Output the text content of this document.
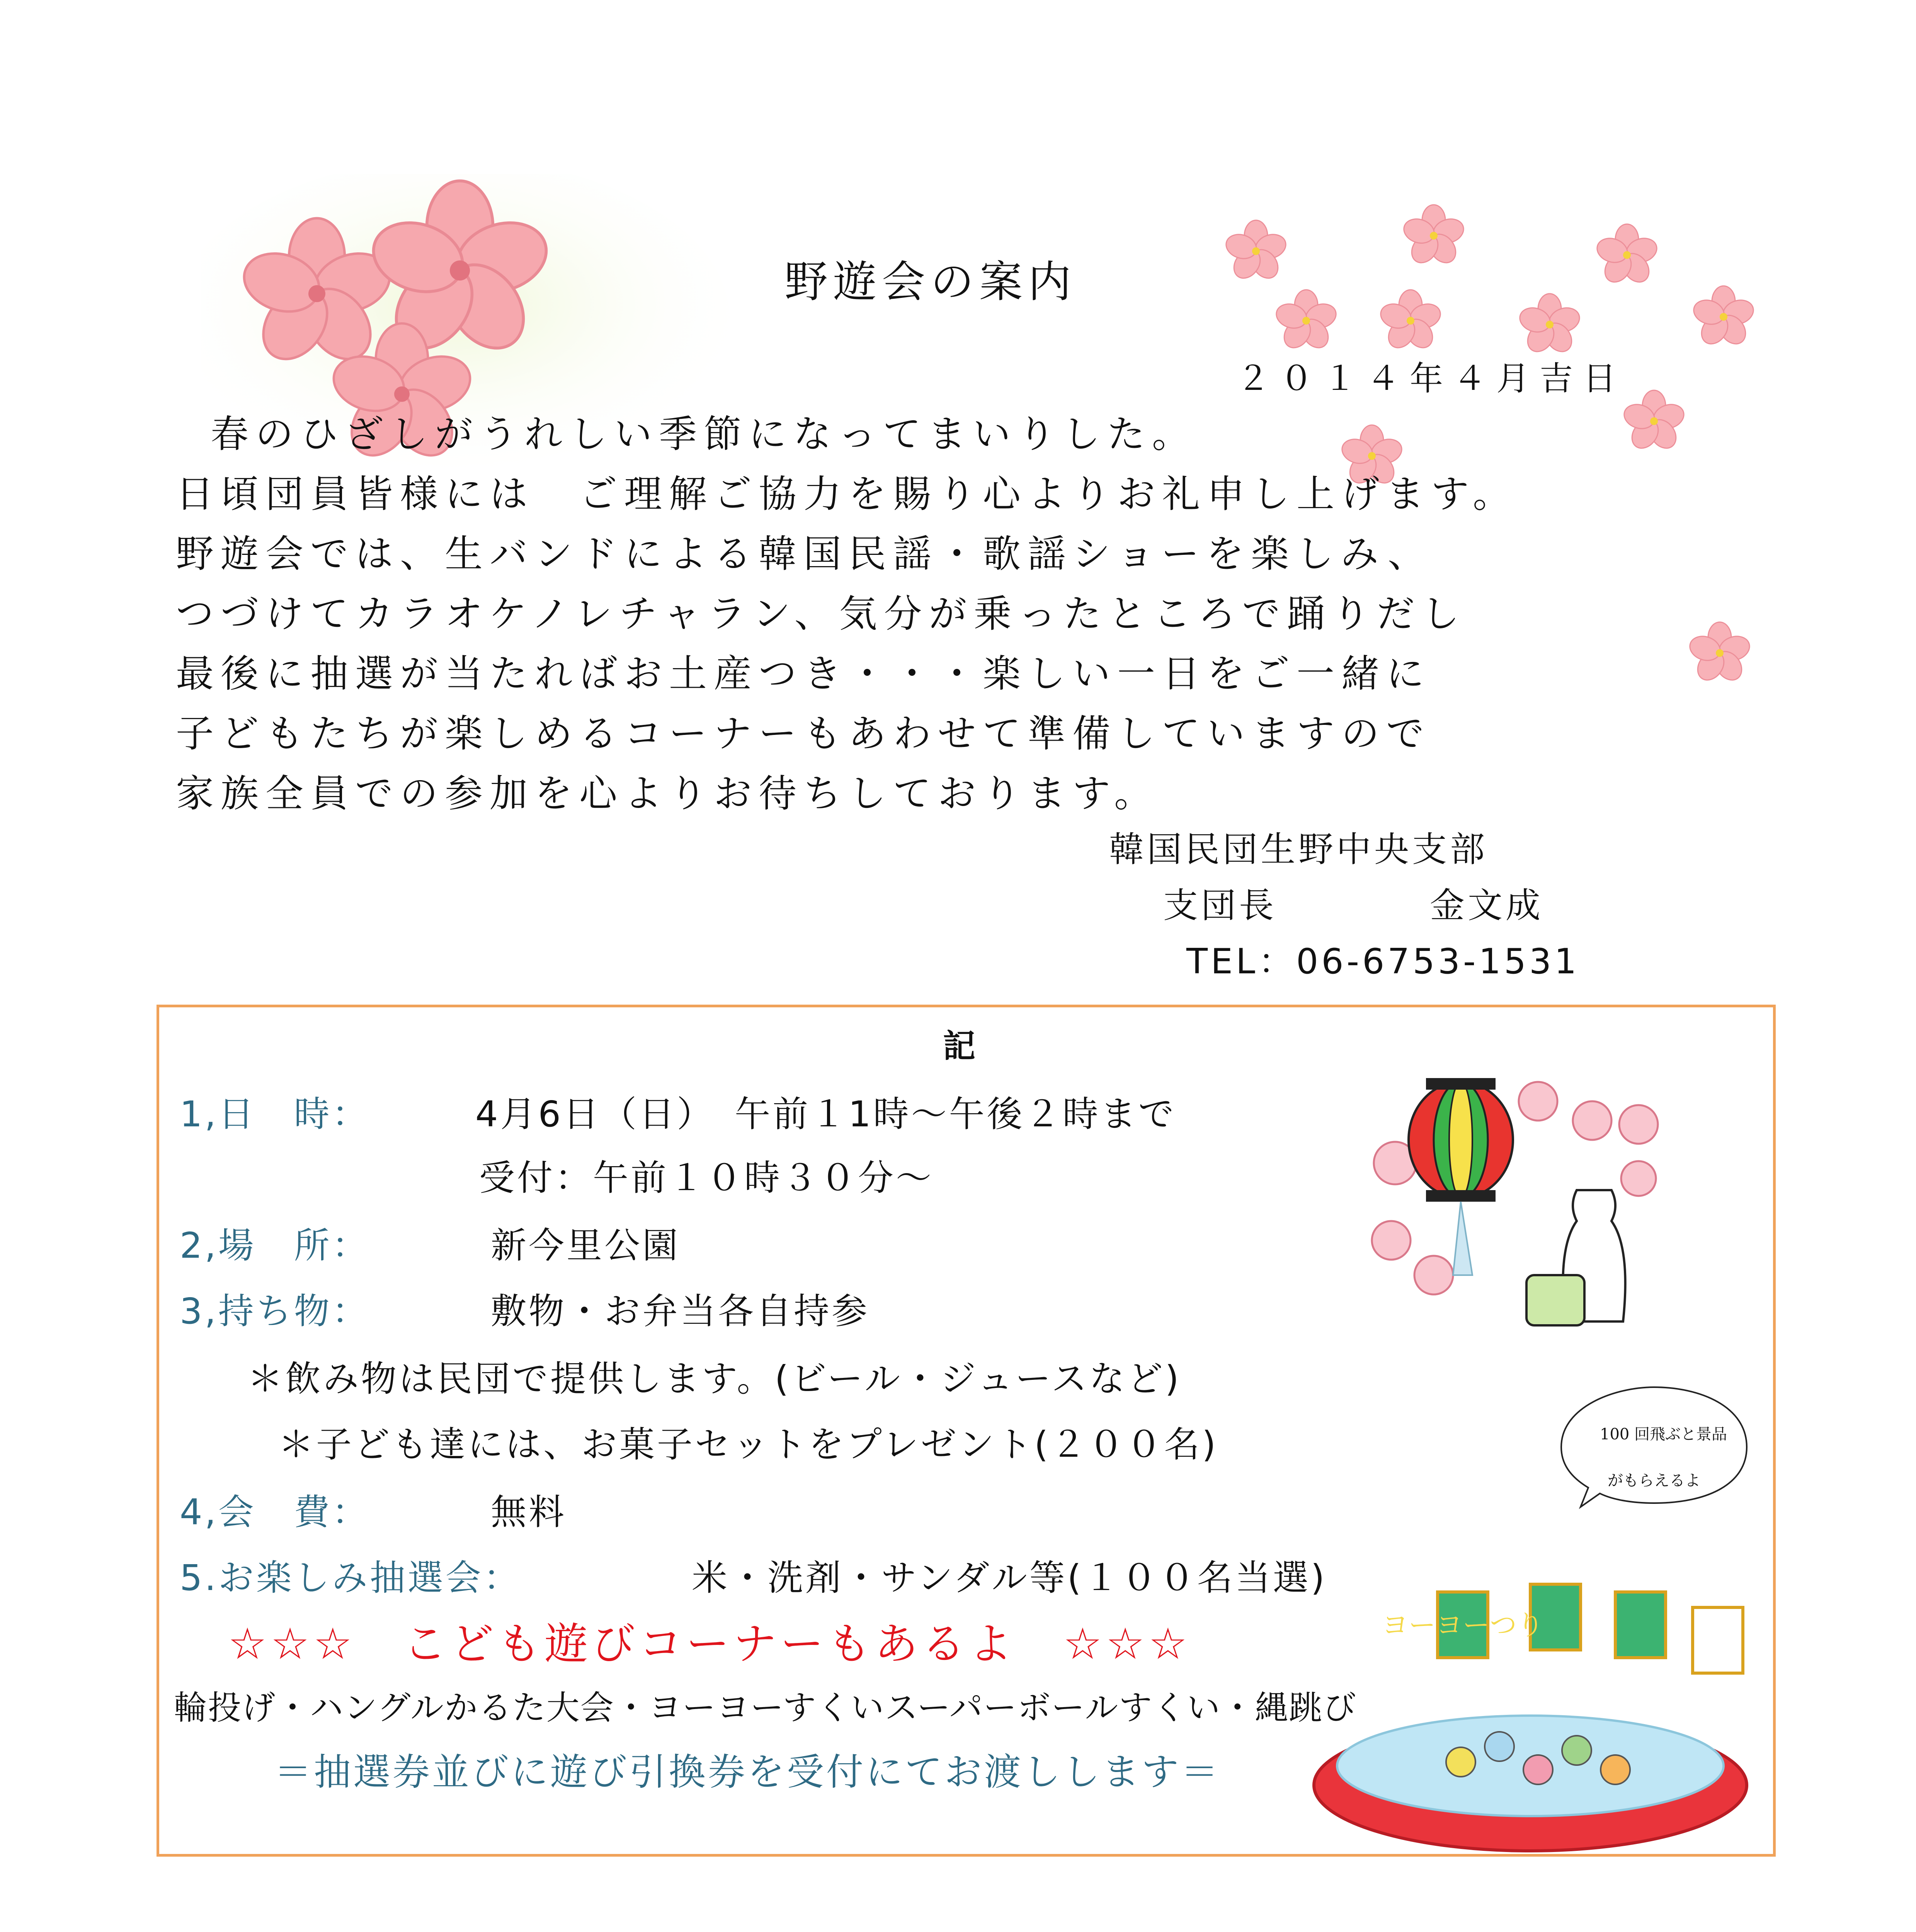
野遊会の案内
２０１４年４月吉日
春のひざしがうれしい季節になってまいりした。
日頃団員皆様には　ご理解ご協力を賜り心よりお礼申し上げます。
野遊会では、生バンドによる韓国民謡・歌謡ショーを楽しみ、
つづけてカラオケノレチャラン、気分が乗ったところで踊りだし
最後に抽選が当たればお土産つき・・・楽しい一日をご一緒に
子どもたちが楽しめるコーナーもあわせて準備していますので
家族全員での参加を心よりお待ちしております。
韓国民団生野中央支部
支団長	金文成
TEL：06-6753-1531
記
1,日　時：	4月6日（日）　午前１1時〜午後２時まで
受付：午前１０時３０分〜
2,場　所：	新今里公園
3,持ち物：	敷物・お弁当各自持参
＊飲み物は民団で提供します。(ビール・ジュースなど)
＊子ども達には、お菓子セットをプレゼント(２００名)
4,会　費：	無料
5.お楽しみ抽選会：	米・洗剤・サンダル等(１００名当選)
☆☆☆　こども遊びコーナーもあるよ　☆☆☆
輪投げ・ハングルかるた大会・ヨーヨーすくいスーパーボールすくい・縄跳び
＝抽選券並びに遊び引換券を受付にてお渡しします＝
100 回飛ぶと景品
がもらえるよ
ヨーヨーつり
